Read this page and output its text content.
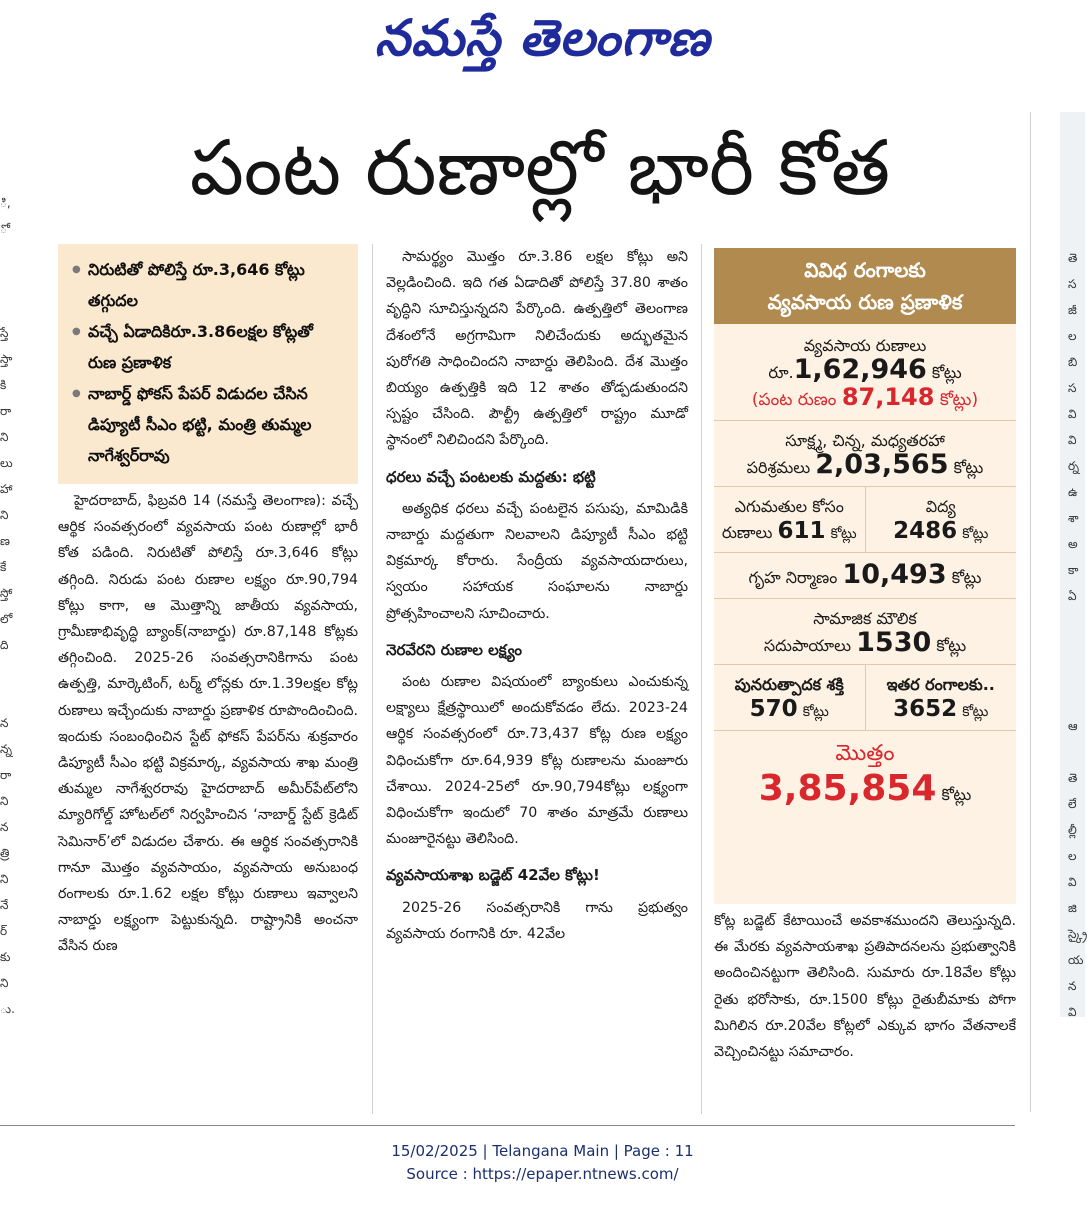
నమస్తే తెలంగాణ
పంట రుణాల్లో భారీ కోత
ి,
ో
స్తే
స్తా
కి
రా
ని
లు
హా
ని
ణ
కే
స్తో
లో
ది
న
న్న
రా
ని
న
త్రి
ని
నే
ర్
కు
ని
ు.
తె
స
జీ
ల
బి
స
వి
వి
ర్న
ఉ
శా
అ
కా
ఏ
ఆ
తె
లే
ల్లీ
ల
వి
జి
స్క్రై
య
న
వి
● నిరుటితో పోలిస్తే రూ.3,646 కోట్లు తగ్గుదల
● వచ్చే ఏడాదికిరూ.3.86లక్షల కోట్లతో రుణ ప్రణాళిక
● నాబార్డ్ ఫోకస్ పేపర్ విడుదల చేసిన డిప్యూటీ సీఎం భట్టి, మంత్రి తుమ్మల నాగేశ్వర్‌రావు

హైదరాబాద్, ఫిబ్రవరి 14 (నమస్తే తెలంగాణ): వచ్చే ఆర్థిక సంవత్సరంలో వ్యవసాయ పంట రుణాల్లో భారీ కోత పడింది. నిరుటితో పోలిస్తే రూ.3,646 కోట్లు తగ్గింది. నిరుడు పంట రుణాల లక్ష్యం రూ.90,794 కోట్లు కాగా, ఆ మొత్తాన్ని జాతీయ వ్యవసాయ, గ్రామీణాభివృద్ధి బ్యాంక్(నాబార్డు) రూ.87,148 కోట్లకు తగ్గించింది. 2025-26 సంవత్సరానికిగాను పంట ఉత్పత్తి, మార్కెటింగ్, టర్మ్ లోన్లకు రూ.1.39లక్షల కోట్ల రుణాలు ఇచ్చేందుకు నాబార్డు ప్రణాళిక రూపొందించింది. ఇందుకు సంబంధించిన స్టేట్ ఫోకస్ పేపర్‌ను శుక్రవారం డిప్యూటీ సీఎం భట్టి విక్రమార్క, వ్యవసాయ శాఖ మంత్రి తుమ్మల నాగేశ్వరరావు హైదరాబాద్ అమీర్‌పేట్‌లోని మ్యారిగోల్డ్ హోటల్‌లో నిర్వహించిన ‘నాబార్డ్ స్టేట్ క్రెడిట్ సెమినార్’లో విడుదల చేశారు. ఈ ఆర్థిక సంవత్సరానికి గానూ మొత్తం వ్యవసాయం, వ్యవసాయ అనుబంధ రంగాలకు రూ.1.62 లక్షల కోట్లు రుణాలు ఇవ్వాలని నాబార్డు లక్ష్యంగా పెట్టుకున్నది. రాష్ట్రానికి అంచనా వేసిన రుణ

సామర్థ్యం మొత్తం రూ.3.86 లక్షల కోట్లు అని వెల్లడించింది. ఇది గత ఏడాదితో పోలిస్తే 37.80 శాతం వృద్ధిని సూచిస్తున్నదని పేర్కొంది. ఉత్పత్తిలో తెలంగాణ దేశంలోనే అగ్రగామిగా నిలిచేందుకు అద్భుతమైన పురోగతి సాధించిందని నాబార్డు తెలిపింది. దేశ మొత్తం బియ్యం ఉత్పత్తికి ఇది 12 శాతం తోడ్పడుతుందని స్పష్టం చేసింది. పౌల్ట్రీ ఉత్పత్తిలో రాష్ట్రం మూడో స్థానంలో నిలిచిందని పేర్కొంది.

ధరలు వచ్చే పంటలకు మద్దతు: భట్టి

అత్యధిక ధరలు వచ్చే పంటలైన పసుపు, మామిడికి నాబార్డు మద్దతుగా నిలవాలని డిప్యూటీ సీఎం భట్టి విక్రమార్క కోరారు. సేంద్రీయ వ్యవసాయదారులు, స్వయం సహాయక సంఘాలను నాబార్డు ప్రోత్సహించాలని సూచించారు.

నెరవేరని రుణాల లక్ష్యం

పంట రుణాల విషయంలో బ్యాంకులు ఎంచుకున్న లక్ష్యాలు క్షేత్రస్థాయిలో అందుకోవడం లేదు. 2023-24 ఆర్థిక సంవత్సరంలో రూ.73,437 కోట్ల రుణ లక్ష్యం విధించుకోగా రూ.64,939 కోట్ల రుణాలను మంజూరు చేశాయి. 2024-25లో రూ.90,794కోట్లు లక్ష్యంగా విధించుకోగా ఇందులో 70 శాతం మాత్రమే రుణాలు మంజూరైనట్టు తెలిసింది.

వ్యవసాయశాఖ బడ్జెట్ 42వేల కోట్లు!

2025-26 సంవత్సరానికి గాను ప్రభుత్వం వ్యవసాయ రంగానికి రూ. 42వేల

వివిధ రంగాలకు
వ్యవసాయ రుణ ప్రణాళిక
వ్యవసాయ రుణాలు
రూ.1,62,946 కోట్లు
(పంట రుణం 87,148 కోట్లు)
సూక్ష్మ, చిన్న, మధ్యతరహా
పరిశ్రమలు 2,03,565 కోట్లు
ఎగుమతుల కోసం
రుణాలు 611 కోట్లు
విద్య
2486 కోట్లు
గృహ నిర్మాణం 10,493 కోట్లు
సామాజిక మౌలిక
సదుపాయాలు 1530 కోట్లు
పునరుత్పాదక శక్తి
570 కోట్లు
ఇతర రంగాలకు..
3652 కోట్లు
మొత్తం
3,85,854 కోట్లు

కోట్ల బడ్జెట్ కేటాయించే అవకాశముందని తెలుస్తున్నది. ఈ మేరకు వ్యవసాయశాఖ ప్రతిపాదనలను ప్రభుత్వానికి అందించినట్టుగా తెలిసింది. సుమారు రూ.18వేల కోట్లు రైతు భరోసాకు, రూ.1500 కోట్లు రైతుబీమాకు పోగా మిగిలిన రూ.20వేల కోట్లలో ఎక్కువ భాగం వేతనాలకే వెచ్చించినట్టు సమాచారం.

15/02/2025 | Telangana Main | Page : 11
Source : https://epaper.ntnews.com/
